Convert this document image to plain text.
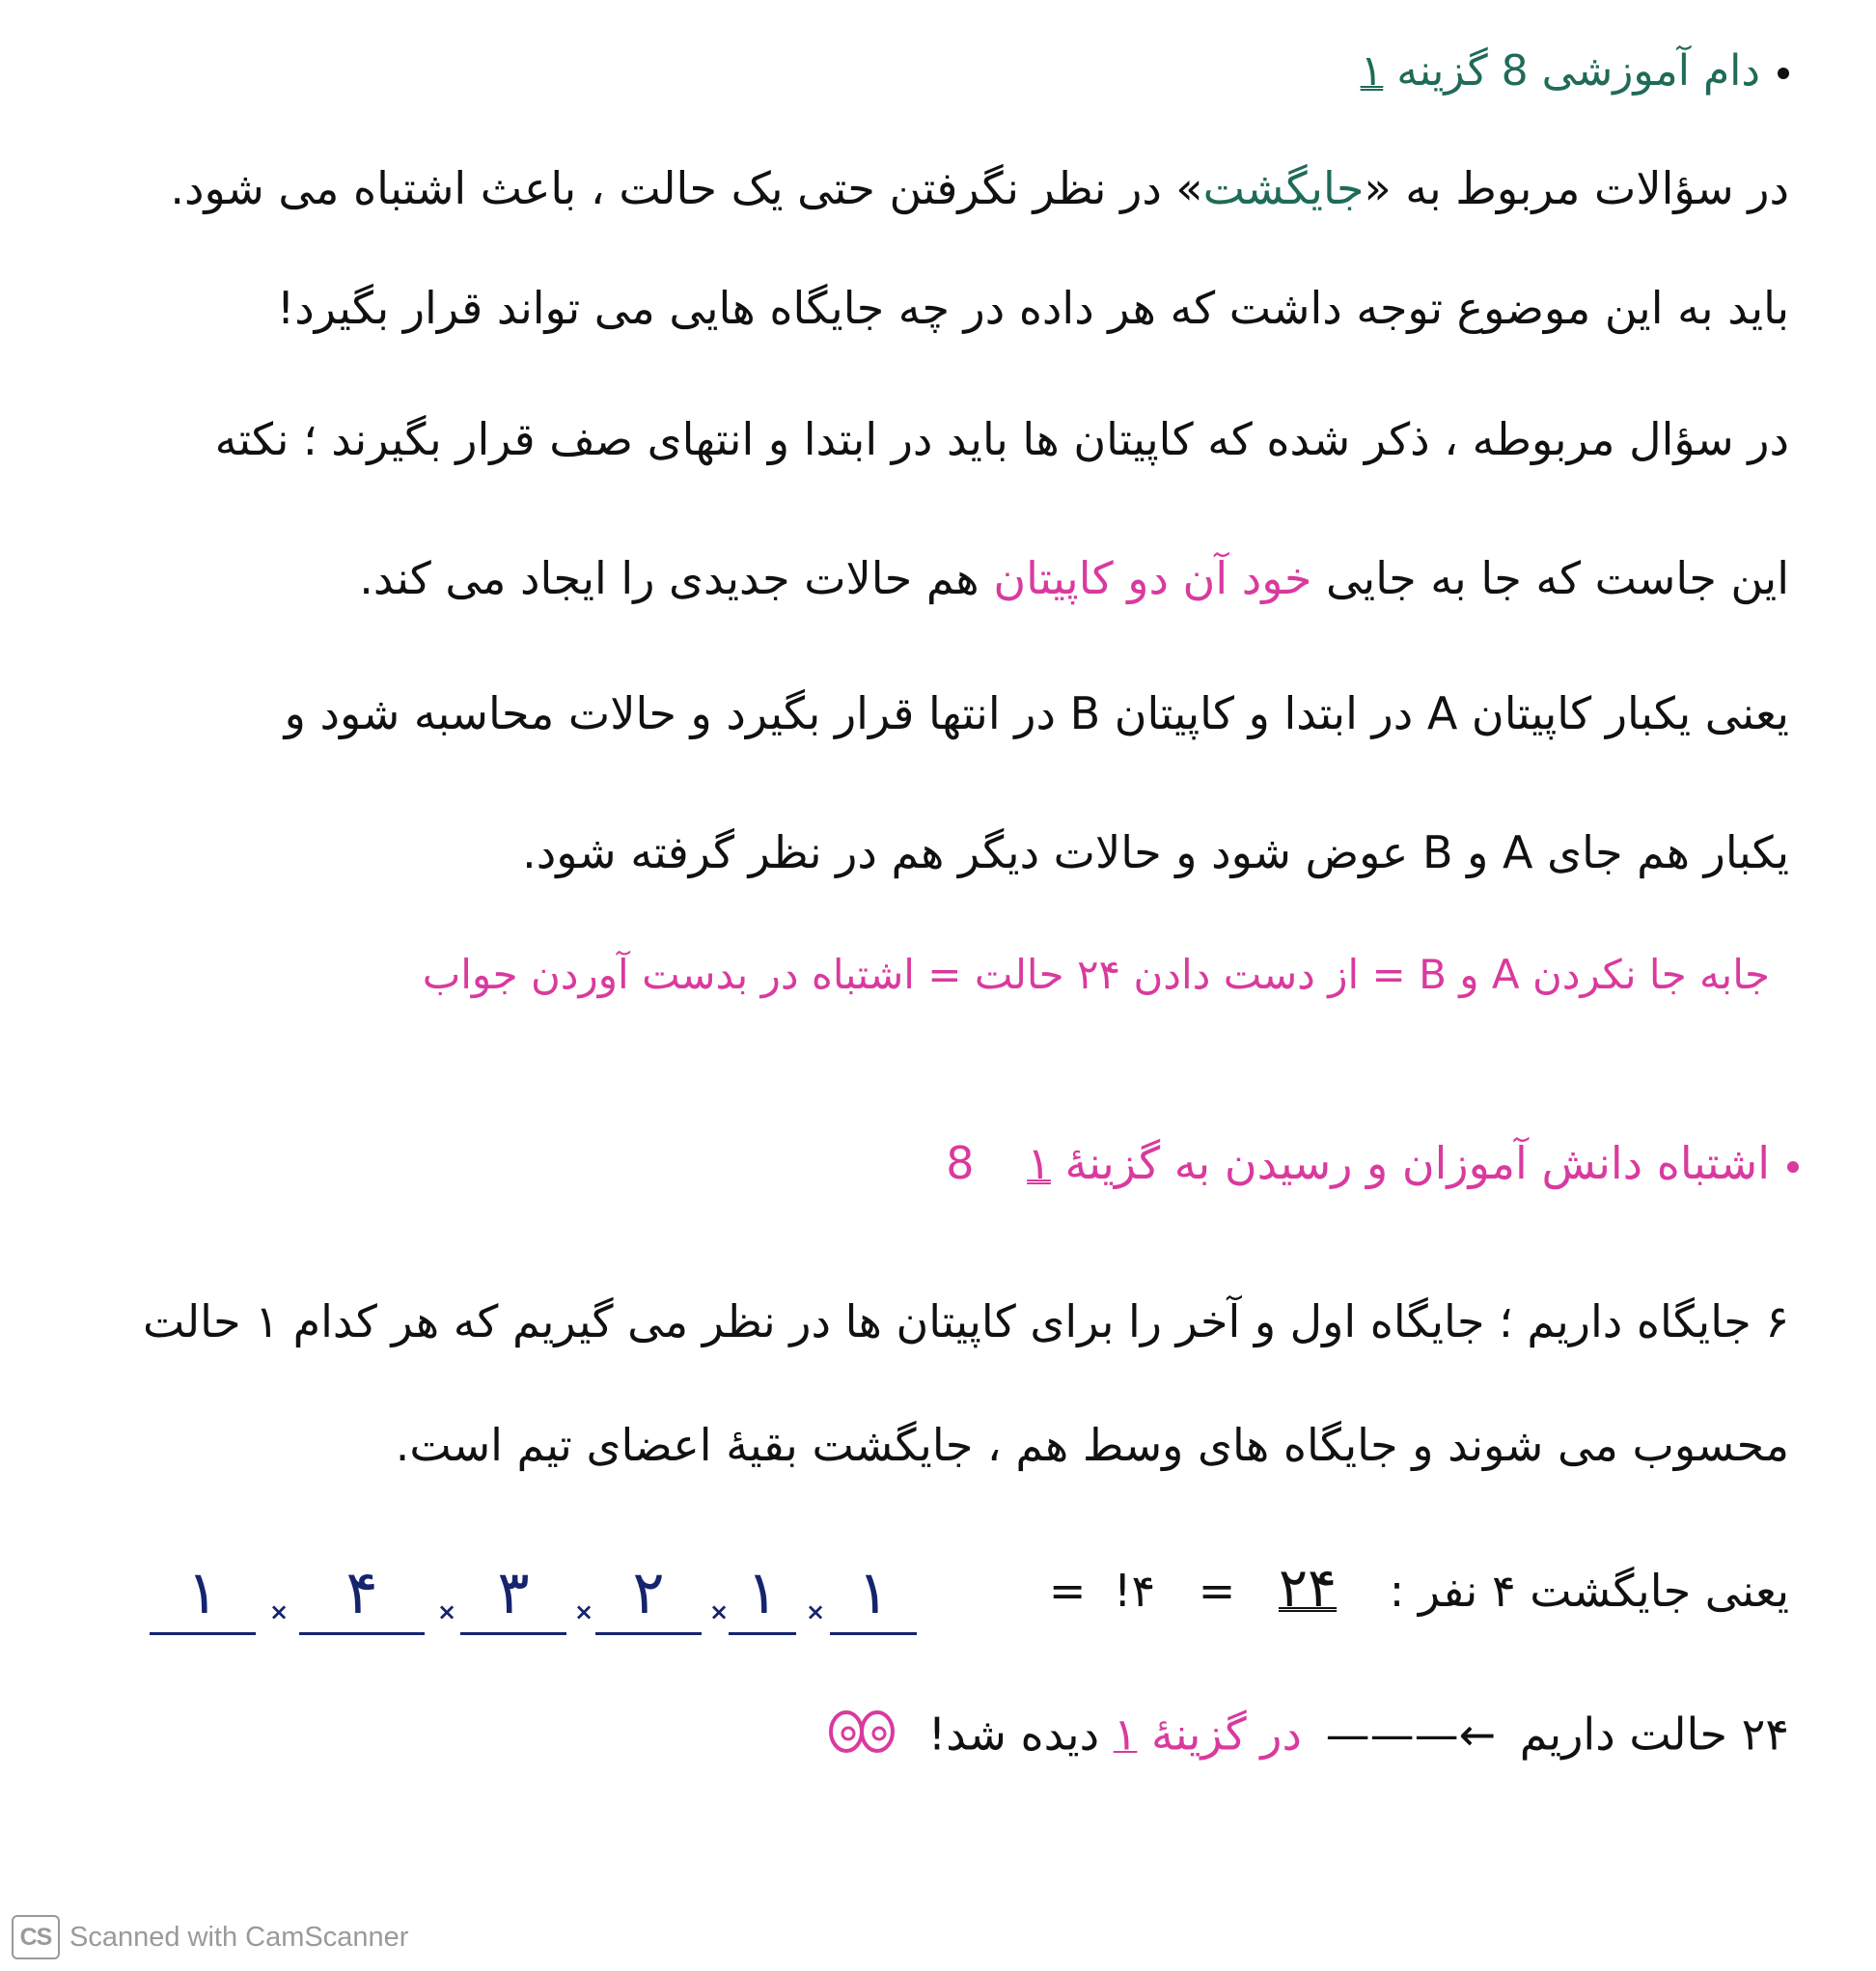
دام آموزشی 8 گزینه ۱
در سؤالات مربوط به «جایگشت» در نظر نگرفتن حتی یک حالت ، باعث اشتباه می شود.
باید به این موضوع توجه داشت که هر داده در چه جایگاه هایی می تواند قرار بگیرد!
در سؤال مربوطه ، ذکر شده که کاپیتان ها باید در ابتدا و انتهای صف قرار بگیرند ؛ نکته
این جاست که جا به جایی خود آن دو کاپیتان هم حالات جدیدی را ایجاد می کند.
یعنی یکبار کاپیتان A در ابتدا و کاپیتان B در انتها قرار بگیرد و حالات محاسبه شود و
یکبار هم جای A و B عوض شود و حالات دیگر هم در نظر گرفته شود.
جابه جا نکردن A و B = از دست دادن ۲۴ حالت = اشتباه در بدست آوردن جواب
اشتباه دانش آموزان و رسیدن به گزینهٔ ۱ 8
۶ جایگاه داریم ؛ جایگاه اول و آخر را برای کاپیتان ها در نظر می گیریم که هر کدام ۱ حالت
محسوب می شوند و جایگاه های وسط هم ، جایگشت بقیهٔ اعضای تیم است.
یعنی جایگشت ۴ نفر : ۲۴ = ۴! =
۱	× ۴	× ۳	× ۲	× ۱	× ۱
۲۴ حالت داریم ←——— در گزینهٔ ۱ دیده شد!
CS Scanned with CamScanner
